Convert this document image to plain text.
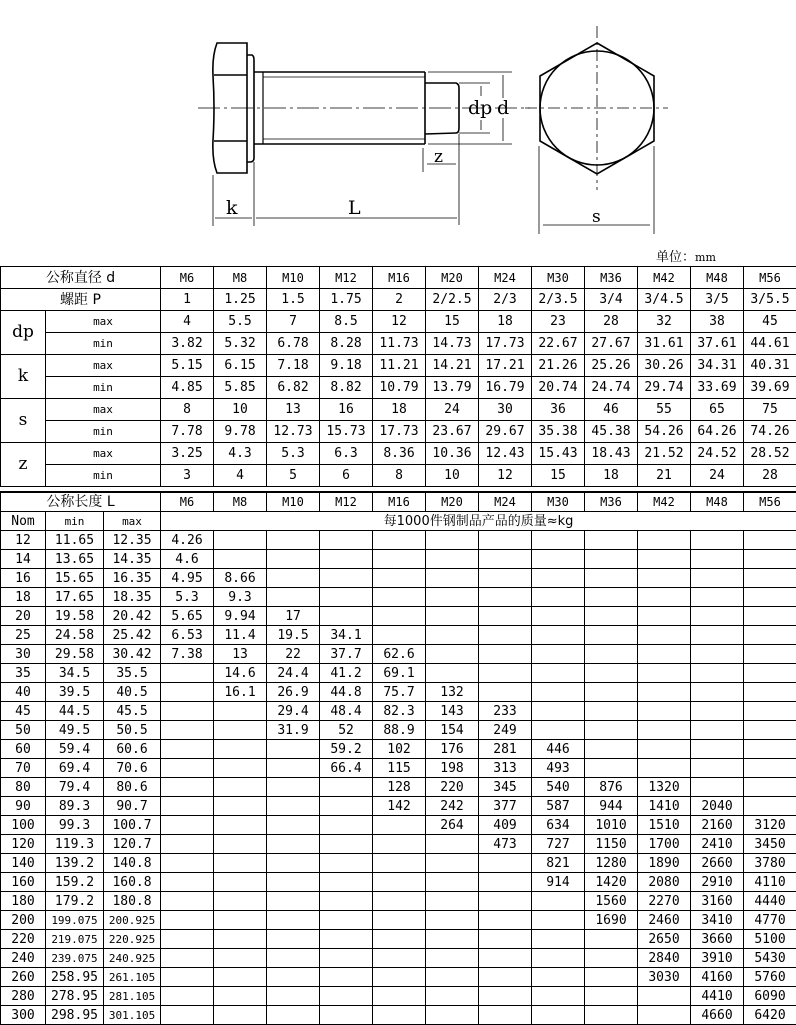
k	L
z
dp d
s
单位：mm
公称直径 d		M6	M8	M10	M12	M16	M20	M24	M30	M36	M42	M48	M56
螺距 P		1	1.25	1.5	1.75	2	2/2.5	2/3	2/3.5	3/4	3/4.5	3/5	3/5.5
dp	max	4	5.5	7	8.5	12	15	18	23	28	32	38	45
	min	3.82	5.32	6.78	8.28	11.73	14.73	17.73	22.67	27.67	31.61	37.61	44.61
k	max	5.15	6.15	7.18	9.18	11.21	14.21	17.21	21.26	25.26	30.26	34.31	40.31
	min	4.85	5.85	6.82	8.82	10.79	13.79	16.79	20.74	24.74	29.74	33.69	39.69
s	max	8	10	13	16	18	24	30	36	46	55	65	75
	min	7.78	9.78	12.73	15.73	17.73	23.67	29.67	35.38	45.38	54.26	64.26	74.26
z	max	3.25	4.3	5.3	6.3	8.36	10.36	12.43	15.43	18.43	21.52	24.52	28.52
	min	3	4	5	6	8	10	12	15	18	21	24	28
公称长度 L			M6	M8	M10	M12	M16	M20	M24	M30	M36	M42	M48	M56
Nom	min	max	每1000件钢制品产品的质量≈kg											
12	11.65	12.35	4.26											
14	13.65	14.35	4.6											
16	15.65	16.35	4.95	8.66										
18	17.65	18.35	5.3	9.3										
20	19.58	20.42	5.65	9.94	17									
25	24.58	25.42	6.53	11.4	19.5	34.1								
30	29.58	30.42	7.38	13	22	37.7	62.6							
35	34.5	35.5		14.6	24.4	41.2	69.1							
40	39.5	40.5		16.1	26.9	44.8	75.7	132						
45	44.5	45.5			29.4	48.4	82.3	143	233					
50	49.5	50.5			31.9	52	88.9	154	249					
60	59.4	60.6				59.2	102	176	281	446				
70	69.4	70.6				66.4	115	198	313	493				
80	79.4	80.6					128	220	345	540	876	1320		
90	89.3	90.7					142	242	377	587	944	1410	2040	
100	99.3	100.7						264	409	634	1010	1510	2160	3120
120	119.3	120.7							473	727	1150	1700	2410	3450
140	139.2	140.8								821	1280	1890	2660	3780
160	159.2	160.8								914	1420	2080	2910	4110
180	179.2	180.8									1560	2270	3160	4440
200	199.075	200.925									1690	2460	3410	4770
220	219.075	220.925										2650	3660	5100
240	239.075	240.925										2840	3910	5430
260	258.95	261.105										3030	4160	5760
280	278.95	281.105											4410	6090
300	298.95	301.105											4660	6420
